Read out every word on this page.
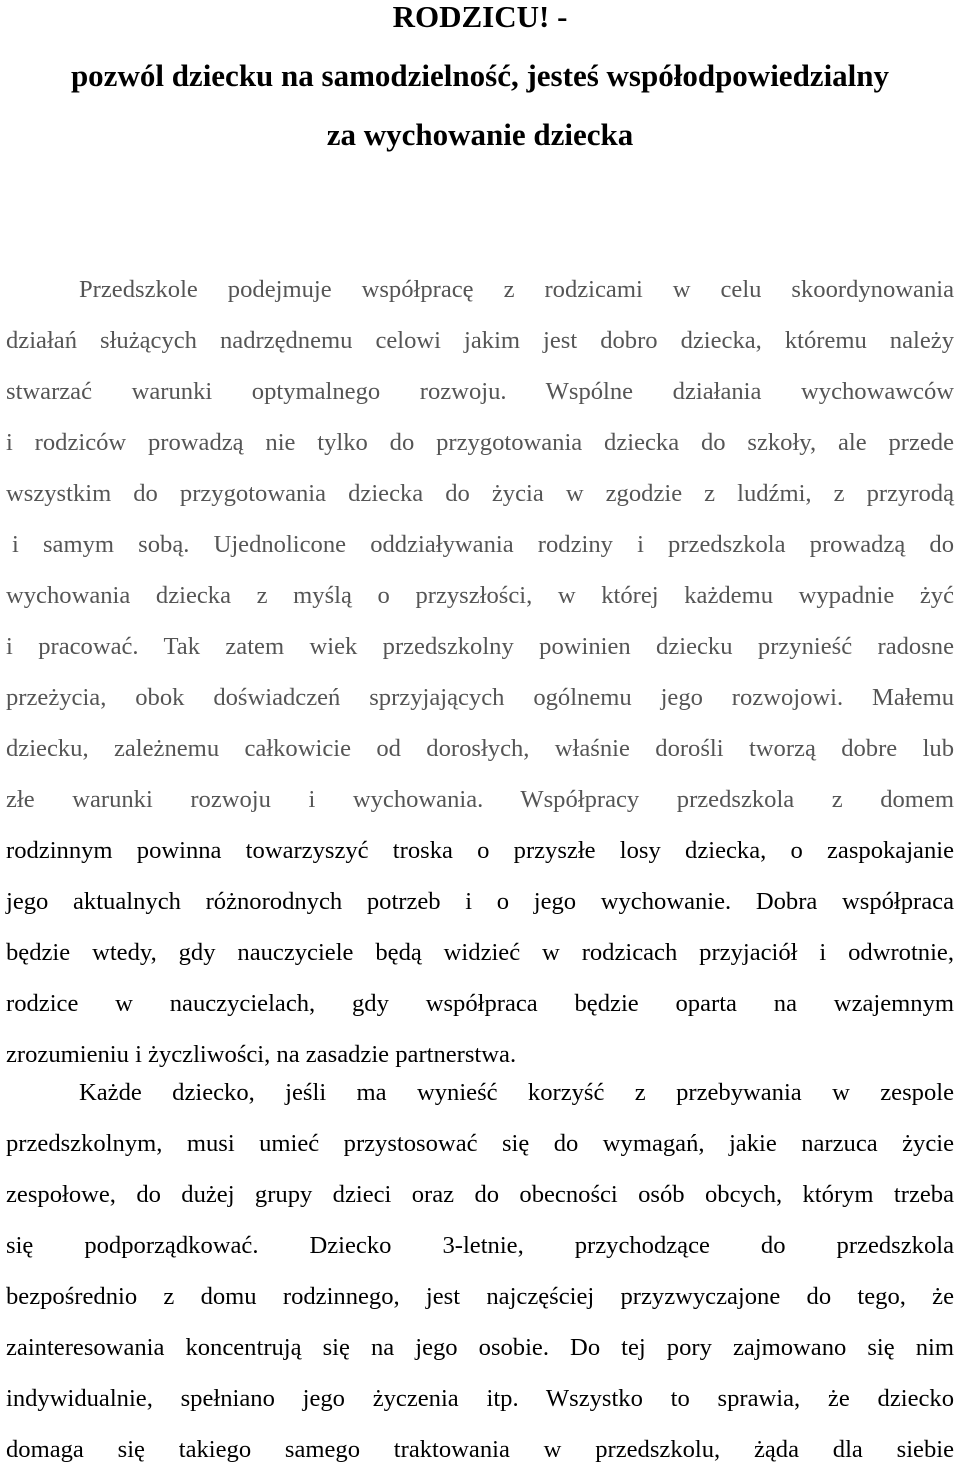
RODZICU! -
pozwól dziecku na samodzielność, jesteś współodpowiedzialny
za wychowanie dziecka
Przedszkole podejmuje współpracę z rodzicami w celu skoordynowania
działań służących nadrzędnemu celowi jakim jest dobro dziecka, któremu należy
stwarzać warunki optymalnego rozwoju. Wspólne działania wychowawców
i rodziców prowadzą nie tylko do przygotowania dziecka do szkoły, ale przede
wszystkim do przygotowania dziecka do życia w zgodzie z ludźmi, z przyrodą
i samym sobą. Ujednolicone oddziaływania rodziny i przedszkola prowadzą do
wychowania dziecka z myślą o przyszłości, w której każdemu wypadnie żyć
i pracować. Tak zatem wiek przedszkolny powinien dziecku przynieść radosne
przeżycia, obok doświadczeń sprzyjających ogólnemu jego rozwojowi. Małemu
dziecku, zależnemu całkowicie od dorosłych, właśnie dorośli tworzą dobre lub
złe warunki rozwoju i wychowania. Współpracy przedszkola z domem
rodzinnym powinna towarzyszyć troska o przyszłe losy dziecka, o zaspokajanie
jego aktualnych różnorodnych potrzeb i o jego wychowanie. Dobra współpraca
będzie wtedy, gdy nauczyciele będą widzieć w rodzicach przyjaciół i odwrotnie,
rodzice w nauczycielach, gdy współpraca będzie oparta na wzajemnym
zrozumieniu i życzliwości, na zasadzie partnerstwa.
Każde dziecko, jeśli ma wynieść korzyść z przebywania w zespole
przedszkolnym, musi umieć przystosować się do wymagań, jakie narzuca życie
zespołowe, do dużej grupy dzieci oraz do obecności osób obcych, którym trzeba
się podporządkować. Dziecko 3-letnie, przychodzące do przedszkola
bezpośrednio z domu rodzinnego, jest najczęściej przyzwyczajone do tego, że
zainteresowania koncentrują się na jego osobie. Do tej pory zajmowano się nim
indywidualnie, spełniano jego życzenia itp. Wszystko to sprawia, że dziecko
domaga się takiego samego traktowania w przedszkolu, żąda dla siebie
